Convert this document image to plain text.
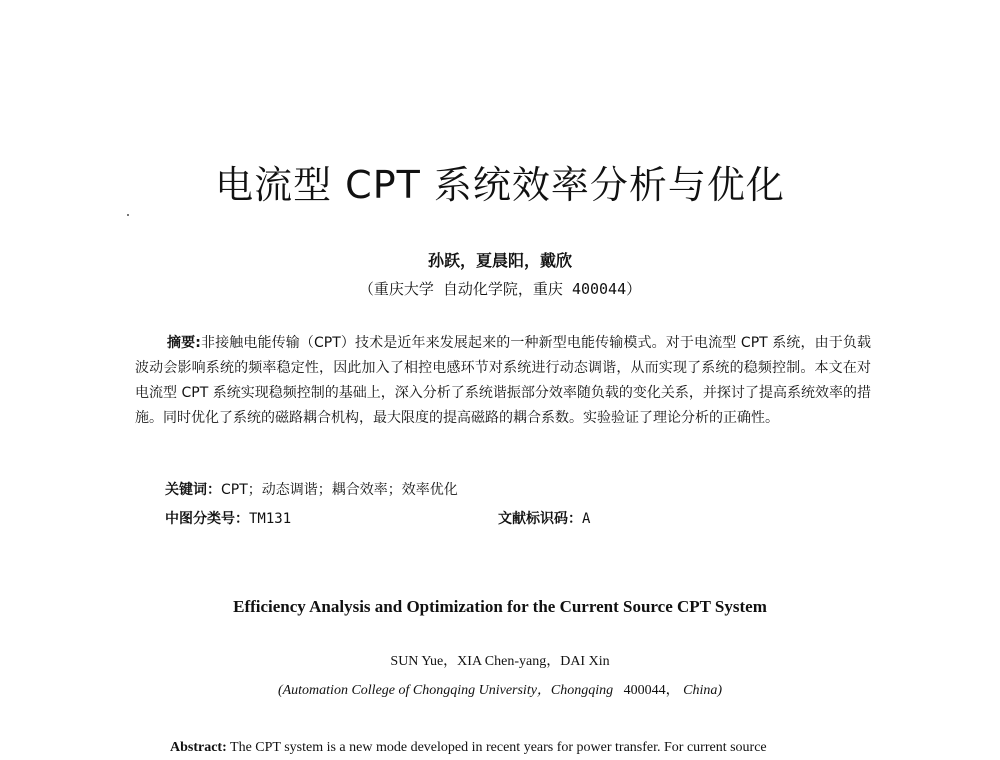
电流型 CPT 系统效率分析与优化
孙跃，夏晨阳，戴欣
（重庆大学 自动化学院，重庆 400044）
摘要:非接触电能传输（CPT）技术是近年来发展起来的一种新型电能传输模式。对于电流型 CPT 系统，由于负载波动会影响系统的频率稳定性，因此加入了相控电感环节对系统进行动态调谐，从而实现了系统的稳频控制。本文在对电流型 CPT 系统实现稳频控制的基础上，深入分析了系统谐振部分效率随负载的变化关系，并探讨了提高系统效率的措施。同时优化了系统的磁路耦合机构，最大限度的提高磁路的耦合系数。实验验证了理论分析的正确性。
关键词：CPT；动态调谐；耦合效率；效率优化
中图分类号：TM131	文献标识码：A
Efficiency Analysis and Optimization for the Current Source CPT System
SUN Yue，XIA Chen-yang，DAI Xin
(Automation College of Chongqing University，Chongqing 400044， China)
Abstract: The CPT system is a new mode developed in recent years for power transfer. For current source
